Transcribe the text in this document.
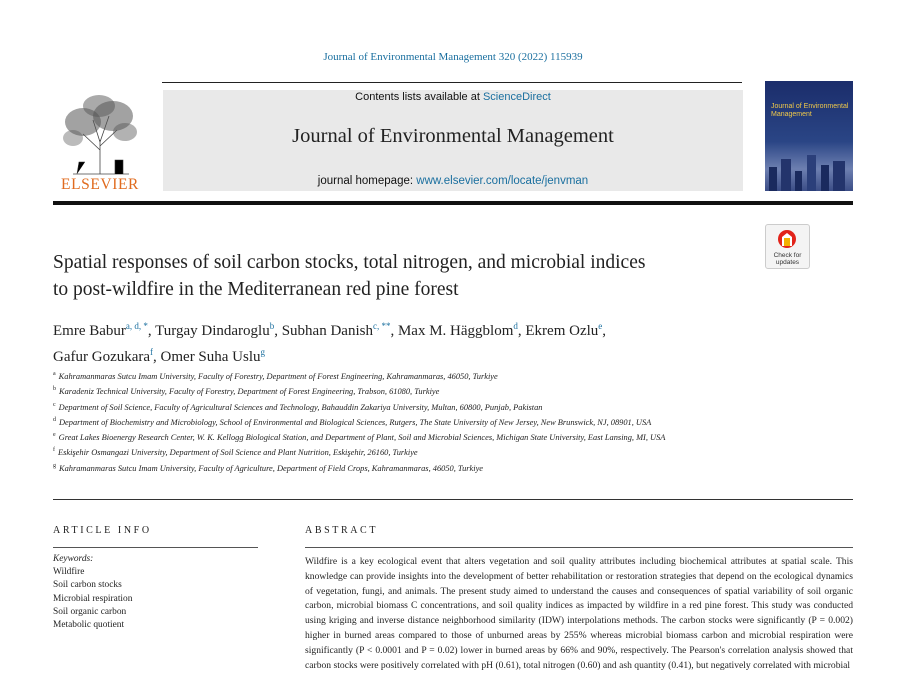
Journal of Environmental Management 320 (2022) 115939
ELSEVIER
Contents lists available at ScienceDirect
Journal of Environmental Management
journal homepage: www.elsevier.com/locate/jenvman
Journal of Environmental Management
Check for
updates
Spatial responses of soil carbon stocks, total nitrogen, and microbial indices
to post-wildfire in the Mediterranean red pine forest
Emre Babur$^{a, d, *}$, Turgay Dindaroglu$^b$, Subhan Danish$^{c, **}$, Max M. Häggblom$^d$, Ekrem Ozlu$^e$,
Gafur Gozukara$^f$, Omer Suha Uslu$^g$
$^a$ Kahramanmaras Sutcu Imam University, Faculty of Forestry, Department of Forest Engineering, Kahramanmaras, 46050, Turkiye
$^b$ Karadeniz Technical University, Faculty of Forestry, Department of Forest Engineering, Trabson, 61080, Turkiye
$^c$ Department of Soil Science, Faculty of Agricultural Sciences and Technology, Bahauddin Zakariya University, Multan, 60800, Punjab, Pakistan
$^d$ Department of Biochemistry and Microbiology, School of Environmental and Biological Sciences, Rutgers, The State University of New Jersey, New Brunswick, NJ, 08901, USA
$^e$ Great Lakes Bioenergy Research Center, W. K. Kellogg Biological Station, and Department of Plant, Soil and Microbial Sciences, Michigan State University, East Lansing, MI, USA
$^f$ Eskişehir Osmangazi University, Department of Soil Science and Plant Nutrition, Eskişehir, 26160, Turkiye
$^g$ Kahramanmaras Sutcu Imam University, Faculty of Agriculture, Department of Field Crops, Kahramanmaras, 46050, Turkiye
ARTICLE INFO	ABSTRACT
Keywords:
Wildfire
Soil carbon stocks
Microbial respiration
Soil organic carbon
Metabolic quotient
Wildfire is a key ecological event that alters vegetation and soil quality attributes including biochemical attributes at spatial scale. This knowledge can provide insights into the development of better rehabilitation or restoration strategies that depend on the ecological dynamics of vegetation, fungi, and animals. The present study aimed to understand the causes and consequences of spatial variability of soil organic carbon, microbial biomass C concentrations, and soil quality indices as impacted by wildfire in a red pine forest. This study was conducted using kriging and inverse distance neighborhood similarity (IDW) interpolations methods. The carbon stocks were significantly (P = 0.002) higher in burned areas compared to those of unburned areas by 255% whereas microbial biomass carbon and microbial respiration were significantly (P < 0.0001 and P = 0.02) lower in burned areas by 66% and 90%, respectively. The Pearson's correlation analysis showed that carbon stocks were positively correlated with pH (0.61), total nitrogen (0.60) and ash quantity (0.41), but negatively correlated with microbial
